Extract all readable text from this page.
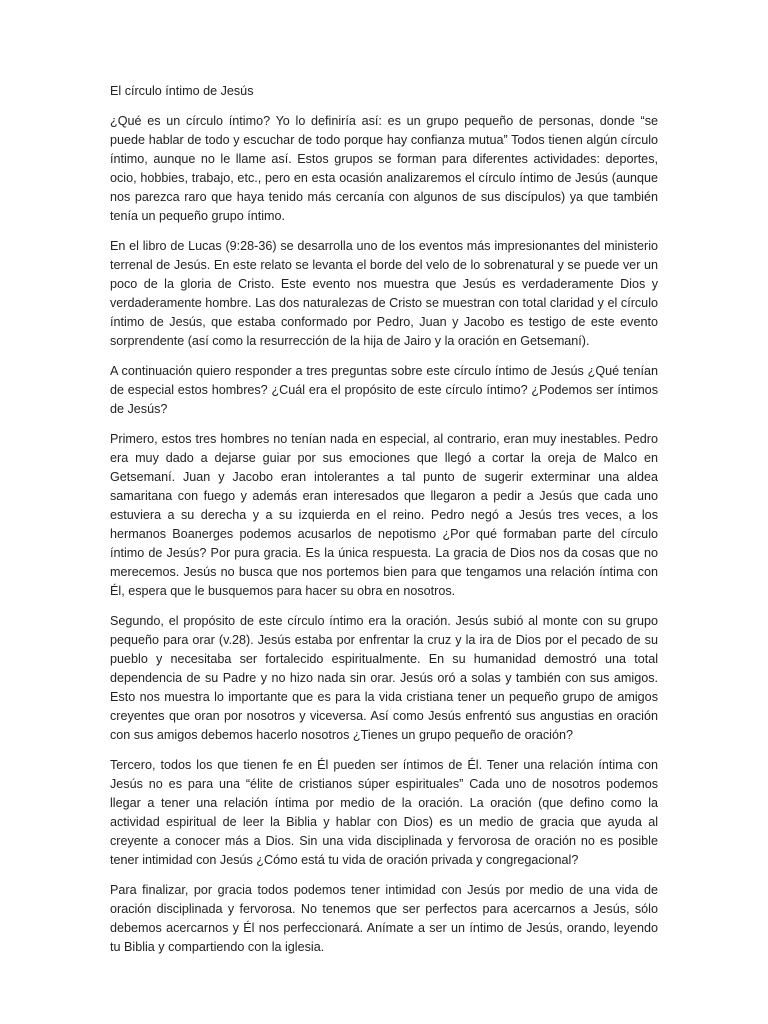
El círculo íntimo de Jesús

¿Qué es un círculo íntimo? Yo lo definiría así: es un grupo pequeño de personas, donde “se puede hablar de todo y escuchar de todo porque hay confianza mutua” Todos tienen algún círculo íntimo, aunque no le llame así. Estos grupos se forman para diferentes actividades: deportes, ocio, hobbies, trabajo, etc., pero en esta ocasión analizaremos el círculo íntimo de Jesús (aunque nos parezca raro que haya tenido más cercanía con algunos de sus discípulos) ya que también tenía un pequeño grupo íntimo.

En el libro de Lucas (9:28-36) se desarrolla uno de los eventos más impresionantes del ministerio terrenal de Jesús. En este relato se levanta el borde del velo de lo sobrenatural y se puede ver un poco de la gloria de Cristo. Este evento nos muestra que Jesús es verdaderamente Dios y verdaderamente hombre. Las dos naturalezas de Cristo se muestran con total claridad y el círculo íntimo de Jesús, que estaba conformado por Pedro, Juan y Jacobo es testigo de este evento sorprendente (así como la resurrección de la hija de Jairo y la oración en Getsemaní).

A continuación quiero responder a tres preguntas sobre este círculo íntimo de Jesús ¿Qué tenían de especial estos hombres? ¿Cuál era el propósito de este círculo íntimo? ¿Podemos ser íntimos de Jesús?

Primero, estos tres hombres no tenían nada en especial, al contrario, eran muy inestables. Pedro era muy dado a dejarse guiar por sus emociones que llegó a cortar la oreja de Malco en Getsemaní. Juan y Jacobo eran intolerantes a tal punto de sugerir exterminar una aldea samaritana con fuego y además eran interesados que llegaron a pedir a Jesús que cada uno estuviera a su derecha y a su izquierda en el reino. Pedro negó a Jesús tres veces, a los hermanos Boanerges podemos acusarlos de nepotismo ¿Por qué formaban parte del círculo íntimo de Jesús? Por pura gracia. Es la única respuesta. La gracia de Dios nos da cosas que no merecemos. Jesús no busca que nos portemos bien para que tengamos una relación íntima con Él, espera que le busquemos para hacer su obra en nosotros.

Segundo, el propósito de este círculo íntimo era la oración. Jesús subió al monte con su grupo pequeño para orar (v.28). Jesús estaba por enfrentar la cruz y la ira de Dios por el pecado de su pueblo y necesitaba ser fortalecido espiritualmente. En su humanidad demostró una total dependencia de su Padre y no hizo nada sin orar. Jesús oró a solas y también con sus amigos. Esto nos muestra lo importante que es para la vida cristiana tener un pequeño grupo de amigos creyentes que oran por nosotros y viceversa. Así como Jesús enfrentó sus angustias en oración con sus amigos debemos hacerlo nosotros ¿Tienes un grupo pequeño de oración?

Tercero, todos los que tienen fe en Él pueden ser íntimos de Él. Tener una relación íntima con Jesús no es para una “élite de cristianos súper espirituales” Cada uno de nosotros podemos llegar a tener una relación íntima por medio de la oración. La oración (que defino como la actividad espiritual de leer la Biblia y hablar con Dios) es un medio de gracia que ayuda al creyente a conocer más a Dios. Sin una vida disciplinada y fervorosa de oración no es posible tener intimidad con Jesús ¿Cómo está tu vida de oración privada y congregacional?

Para finalizar, por gracia todos podemos tener intimidad con Jesús por medio de una vida de oración disciplinada y fervorosa. No tenemos que ser perfectos para acercarnos a Jesús, sólo debemos acercarnos y Él nos perfeccionará. Anímate a ser un íntimo de Jesús, orando, leyendo tu Biblia y compartiendo con la iglesia.
